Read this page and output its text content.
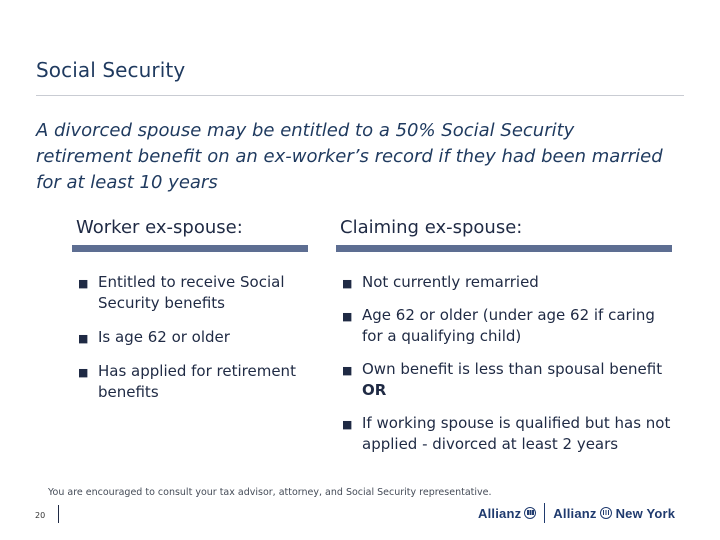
Social Security
A divorced spouse may be entitled to a 50% Social Security retirement benefit on an ex-worker’s record if they had been married for at least 10 years
Worker ex-spouse:
■ Entitled to receive Social Security benefits
■ Is age 62 or older
■ Has applied for retirement benefits
Claiming ex-spouse:
■ Not currently remarried
■ Age 62 or older (under age 62 if caring for a qualifying child)
■ Own benefit is less than spousal benefit OR
■ If working spouse is qualified but has not applied - divorced at least 2 years
You are encouraged to consult your tax advisor, attorney, and Social Security representative.
20	Allianz Allianz New York
